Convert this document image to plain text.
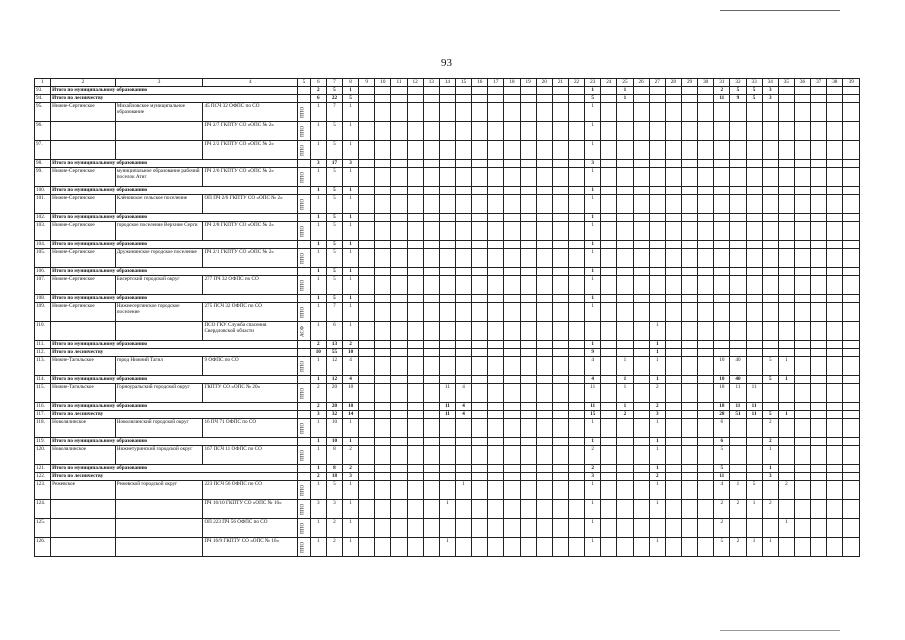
93
1	2	3	4	5	6	7	8	9	10	11	12	13	14	15	16	17	18	19	20	21	22	23	24	25	26	27	28	29	30	31	32	33	34	35	36	37	38	39
93.	Итого по муниципальному образованию				2	5	1															1		1						2	5	5	3					
94.	Итого по лесничеству				6	22	5															5		1						11	9	5	3					
95.	Нижне-Сергинское	Михайловское муниципальное образование	45 ПСЧ 32 ОФПС по СО	ППО	1	7	1															1																
96.			ПЧ 2/7 ГКПТУ СО «ОПС № 2»	ППО	1	5	1															1																
97.			ПЧ 2/2 ГКПТУ СО «ОПС № 2»	ППО	1	5	1															1																
98.	Итого по муниципальному образованию				3	17	3															3																
99.	Нижне-Сергинское	муниципальное образование рабочий поселок Атиг	ПЧ 2/6 ГКПТУ СО «ОПС № 2»	ППО	1	5	1															1																
100.	Итого по муниципальному образованию				1	5	1															1																
101.	Нижне-Сергинское	Клёновское сельское поселение	ОП ПЧ 2/6 ГКПТУ СО «ОПС № 2»	ППО	1	5	1															1																
102.	Итого по муниципальному образованию				1	5	1															1																
103.	Нижне-Сергинское	городское поселение Верхние Серги	ПЧ 2/8 ГКПТУ СО «ОПС № 2»	ППО	1	5	1															1																
104.	Итого по муниципальному образованию				1	5	1															1																
105.	Нижне-Сергинское	Дружининское городское поселение	ПЧ 2/1 ГКПТУ СО «ОПС № 2»	ППО	1	5	1															1																
106.	Итого по муниципальному образованию				1	5	1															1																
107.	Нижне-Сергинское	Бисертский городской округ	277 ПЧ 32 ОФПС по СО	ППО	1	5	1															1																
108.	Итого по муниципальному образованию				1	5	1															1																
109.	Нижне-Сергинское	Нижнесергинское городское поселение	275 ПСЧ 32 ОФПС по СО	ППО	1	7	1															1																
110.			ПСО ГКУ Служба спасения Свердловской области	АСФ	1	6	1																			1												
111.	Итого по муниципальному образованию				2	13	2															1				1												
112.	Итого по лесничеству				10	55	10															9				1												
113.	Нижне-Тагильское	город Нижний Тагил	9 ОФПС по СО	ППО	1	12	4															4		1		1				10	40		5	1				
114.	Итого по муниципальному образованию				1	12	4															4		1		1				10	40		5	1				
115.	Нижне-Тагильское	Горноуральский городской округ	ГКПТУ СО «ОПС № 20»	ППО	2	20	10						11	4								11		1		2				18	11	11						
116.	Итого по муниципальному образованию				2	20	10						11	4								11		1		2				18	11	11						
117.	Итого по лесничеству				3	32	14						11	4								15		2		3				28	51	11	5	1				
118.	Новолялинское	Новолялинский городской округ	16 ПЧ 71 ОФПС по СО	ППО	1	10	1															1				1				6			2					
119.	Итого по муниципальному образованию				1	10	1															1				1				6			2					
120.	Новолялинское	Нижнетуринский городской округ	167 ПСЧ 11 ОФПС по СО	ППО	1	8	2															2				1				5			1					
121.	Итого по муниципальному образованию				1	8	2															2				1				5			1					
122.	Итого по лесничеству				2	18	3															3				2				11			3					
123.	Режевское	Режевской городской округ	223 ПСЧ 56 ОФПС по СО	ППО	1	5	1							1								1				1				4	1	5		2				
124.			ПЧ 16/10 ГКПТУ СО «ОПС № 16»	ППО	3	3	1						1									1				1				2	2	1	2					
125.			ОП 223 ПЧ 56 ОФПС по СО	ППО	1	2	1															1								2				1				
126.			ПЧ 16/9 ГКПТУ СО «ОПС № 16»	ППО	1	2	1						1									1				1				5	2	1	1					
